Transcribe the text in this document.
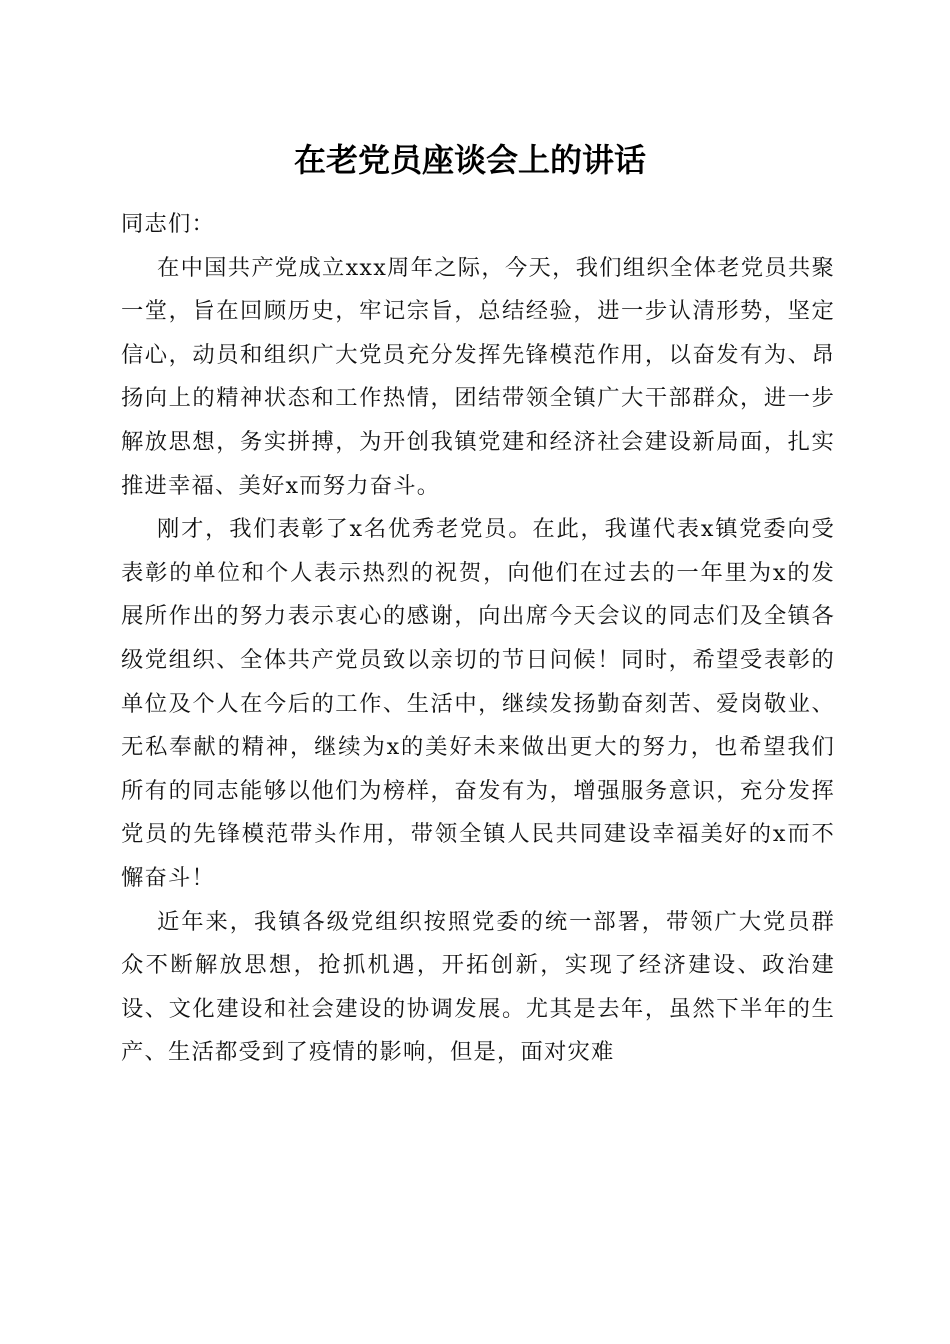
在老党员座谈会上的讲话

同志们：

在中国共产党成立xxx周年之际，今天，我们组织全体老党员共聚一堂，旨在回顾历史，牢记宗旨，总结经验，进一步认清形势，坚定信心，动员和组织广大党员充分发挥先锋模范作用，以奋发有为、昂扬向上的精神状态和工作热情，团结带领全镇广大干部群众，进一步解放思想，务实拼搏，为开创我镇党建和经济社会建设新局面，扎实推进幸福、美好x而努力奋斗。

刚才，我们表彰了x名优秀老党员。在此，我谨代表x镇党委向受表彰的单位和个人表示热烈的祝贺，向他们在过去的一年里为x的发展所作出的努力表示衷心的感谢，向出席今天会议的同志们及全镇各级党组织、全体共产党员致以亲切的节日问候！同时，希望受表彰的单位及个人在今后的工作、生活中，继续发扬勤奋刻苦、爱岗敬业、无私奉献的精神，继续为x的美好未来做出更大的努力，也希望我们所有的同志能够以他们为榜样，奋发有为，增强服务意识，充分发挥党员的先锋模范带头作用，带领全镇人民共同建设幸福美好的x而不懈奋斗！

近年来，我镇各级党组织按照党委的统一部署，带领广大党员群众不断解放思想，抢抓机遇，开拓创新，实现了经济建设、政治建设、文化建设和社会建设的协调发展。尤其是去年，虽然下半年的生产、生活都受到了疫情的影响，但是，面对灾难
